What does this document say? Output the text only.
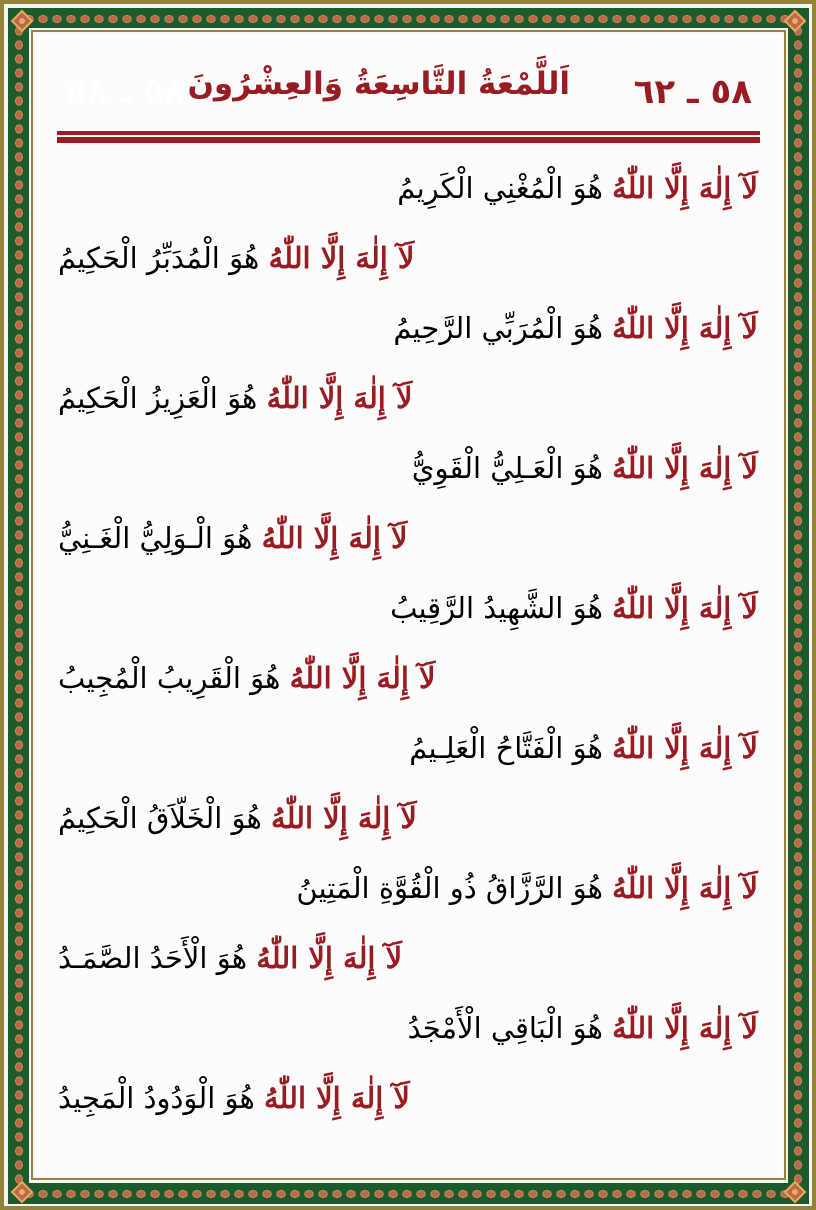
٥٨ ـ ٥٨ اَللَّمْعَةُ التَّاسِعَةُ وَالعِشْرُونَ ٥٨ ـ ٦٢
لَآ إِلٰهَ إِلَّا اللّٰهُ هُوَ الْمُغْنِي الْكَرِيمُ
لَآ إِلٰهَ إِلَّا اللّٰهُ هُوَ الْمُدَبِّرُ الْحَكِيمُ
لَآ إِلٰهَ إِلَّا اللّٰهُ هُوَ الْمُرَبِّي الرَّحِيمُ
لَآ إِلٰهَ إِلَّا اللّٰهُ هُوَ الْعَزِيزُ الْحَكِيمُ
لَآ إِلٰهَ إِلَّا اللّٰهُ هُوَ الْعَـلِيُّ الْقَوِيُّ
لَآ إِلٰهَ إِلَّا اللّٰهُ هُوَ الْـوَلِيُّ الْغَـنِيُّ
لَآ إِلٰهَ إِلَّا اللّٰهُ هُوَ الشَّهِيدُ الرَّقِيبُ
لَآ إِلٰهَ إِلَّا اللّٰهُ هُوَ الْقَرِيبُ الْمُجِيبُ
لَآ إِلٰهَ إِلَّا اللّٰهُ هُوَ الْفَتَّاحُ الْعَلِـيمُ
لَآ إِلٰهَ إِلَّا اللّٰهُ هُوَ الْخَلّاَقُ الْحَكِيمُ
لَآ إِلٰهَ إِلَّا اللّٰهُ هُوَ الرَّزَّاقُ ذُو الْقُوَّةِ الْمَتِينُ
لَآ إِلٰهَ إِلَّا اللّٰهُ هُوَ الْأَحَدُ الصَّمَـدُ
لَآ إِلٰهَ إِلَّا اللّٰهُ هُوَ الْبَاقِي الْأَمْجَدُ
لَآ إِلٰهَ إِلَّا اللّٰهُ هُوَ الْوَدُودُ الْمَجِيدُ
